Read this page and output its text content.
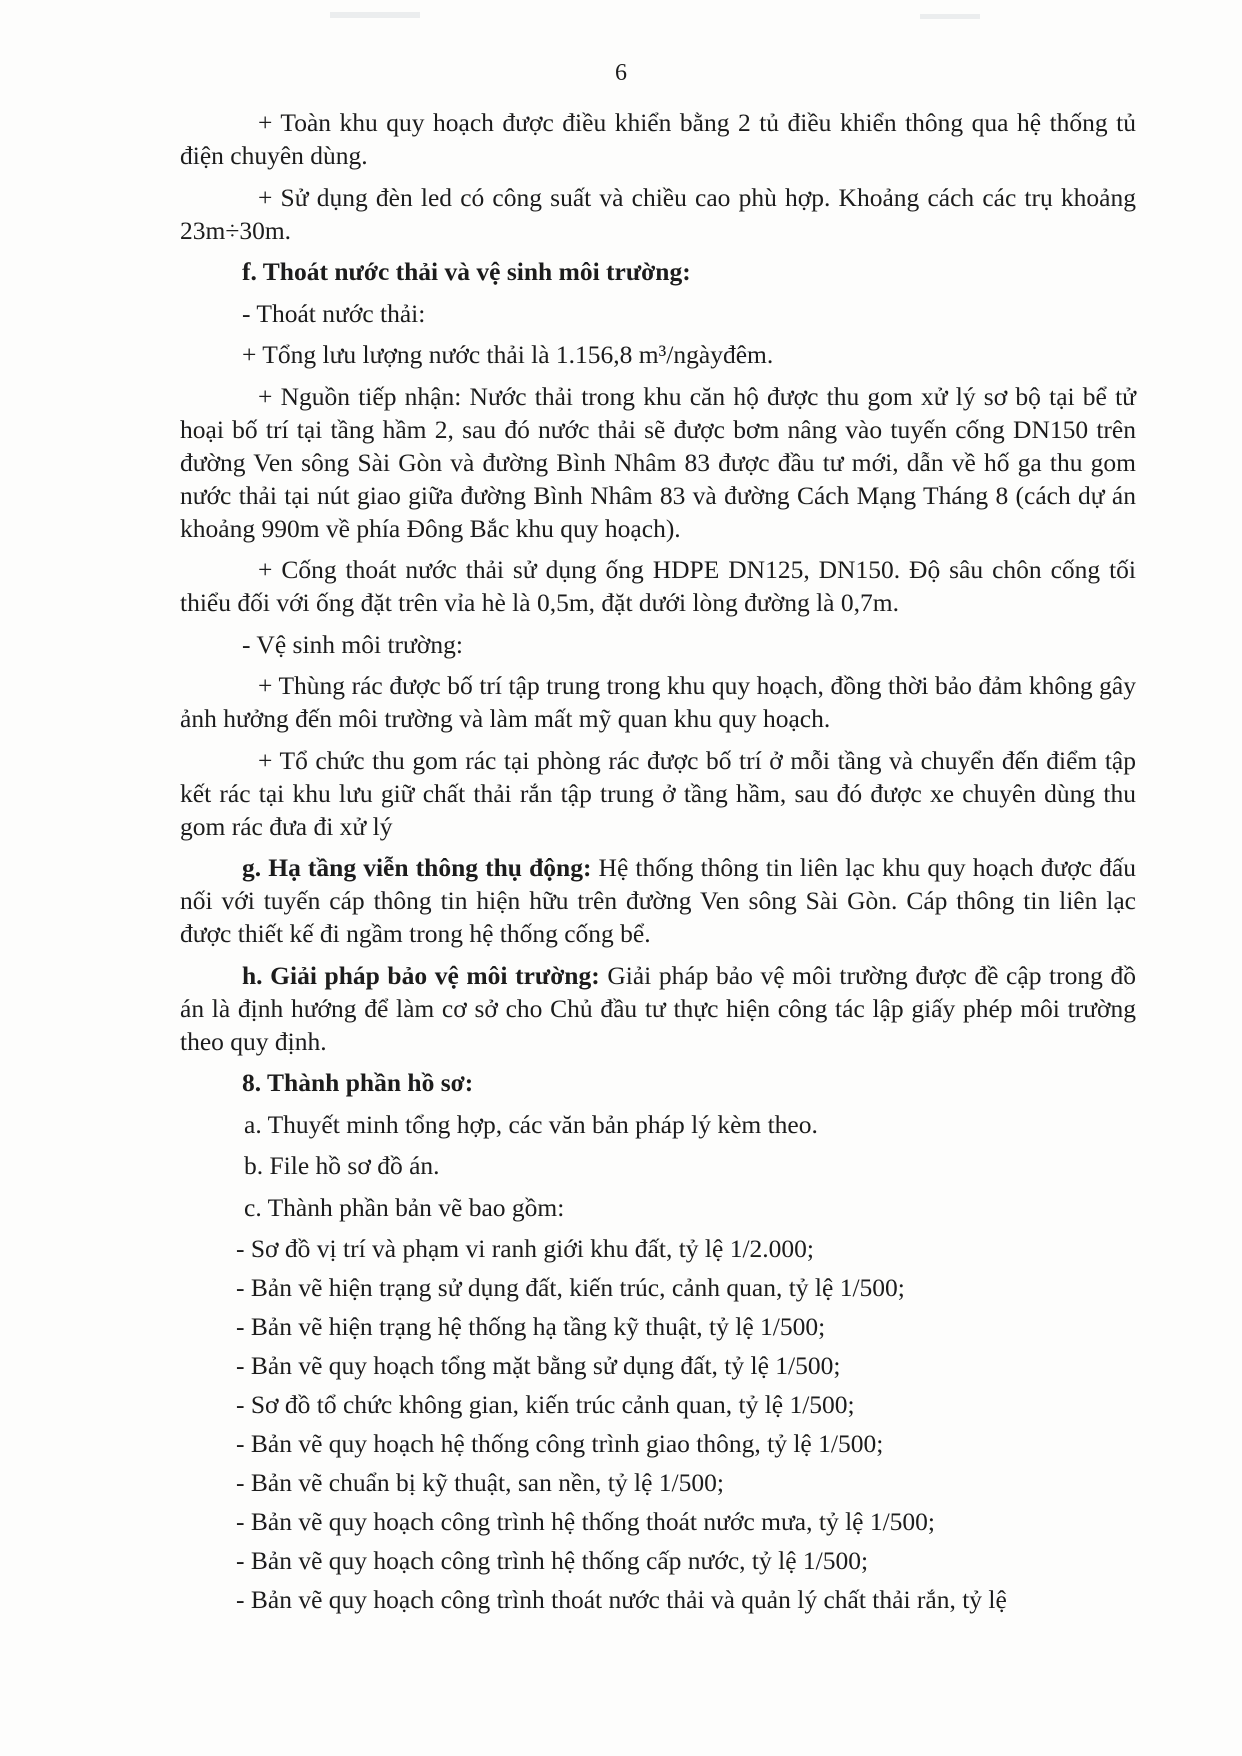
6

+ Toàn khu quy hoạch được điều khiển bằng 2 tủ điều khiển thông qua hệ thống tủ điện chuyên dùng.

+ Sử dụng đèn led có công suất và chiều cao phù hợp. Khoảng cách các trụ khoảng 23m÷30m.

f. Thoát nước thải và vệ sinh môi trường:

- Thoát nước thải:

+ Tổng lưu lượng nước thải là 1.156,8 m³/ngàyđêm.

+ Nguồn tiếp nhận: Nước thải trong khu căn hộ được thu gom xử lý sơ bộ tại bể tử hoại bố trí tại tầng hầm 2, sau đó nước thải sẽ được bơm nâng vào tuyến cống DN150 trên đường Ven sông Sài Gòn và đường Bình Nhâm 83 được đầu tư mới, dẫn về hố ga thu gom nước thải tại nút giao giữa đường Bình Nhâm 83 và đường Cách Mạng Tháng 8 (cách dự án khoảng 990m về phía Đông Bắc khu quy hoạch).

+ Cống thoát nước thải sử dụng ống HDPE DN125, DN150. Độ sâu chôn cống tối thiểu đối với ống đặt trên vỉa hè là 0,5m, đặt dưới lòng đường là 0,7m.

- Vệ sinh môi trường:

+ Thùng rác được bố trí tập trung trong khu quy hoạch, đồng thời bảo đảm không gây ảnh hưởng đến môi trường và làm mất mỹ quan khu quy hoạch.

+ Tổ chức thu gom rác tại phòng rác được bố trí ở mỗi tầng và chuyển đến điểm tập kết rác tại khu lưu giữ chất thải rắn tập trung ở tầng hầm, sau đó được xe chuyên dùng thu gom rác đưa đi xử lý

g. Hạ tầng viễn thông thụ động: Hệ thống thông tin liên lạc khu quy hoạch được đấu nối với tuyến cáp thông tin hiện hữu trên đường Ven sông Sài Gòn. Cáp thông tin liên lạc được thiết kế đi ngầm trong hệ thống cống bể.

h. Giải pháp bảo vệ môi trường: Giải pháp bảo vệ môi trường được đề cập trong đồ án là định hướng để làm cơ sở cho Chủ đầu tư thực hiện công tác lập giấy phép môi trường theo quy định.

8. Thành phần hồ sơ:

a. Thuyết minh tổng hợp, các văn bản pháp lý kèm theo.

b. File hồ sơ đồ án.

c. Thành phần bản vẽ bao gồm:

- Sơ đồ vị trí và phạm vi ranh giới khu đất, tỷ lệ 1/2.000;

- Bản vẽ hiện trạng sử dụng đất, kiến trúc, cảnh quan, tỷ lệ 1/500;

- Bản vẽ hiện trạng hệ thống hạ tầng kỹ thuật, tỷ lệ 1/500;

- Bản vẽ quy hoạch tổng mặt bằng sử dụng đất, tỷ lệ 1/500;

- Sơ đồ tổ chức không gian, kiến trúc cảnh quan, tỷ lệ 1/500;

- Bản vẽ quy hoạch hệ thống công trình giao thông, tỷ lệ 1/500;

- Bản vẽ chuẩn bị kỹ thuật, san nền, tỷ lệ 1/500;

- Bản vẽ quy hoạch công trình hệ thống thoát nước mưa, tỷ lệ 1/500;

- Bản vẽ quy hoạch công trình hệ thống cấp nước, tỷ lệ 1/500;

- Bản vẽ quy hoạch công trình thoát nước thải và quản lý chất thải rắn, tỷ lệ
